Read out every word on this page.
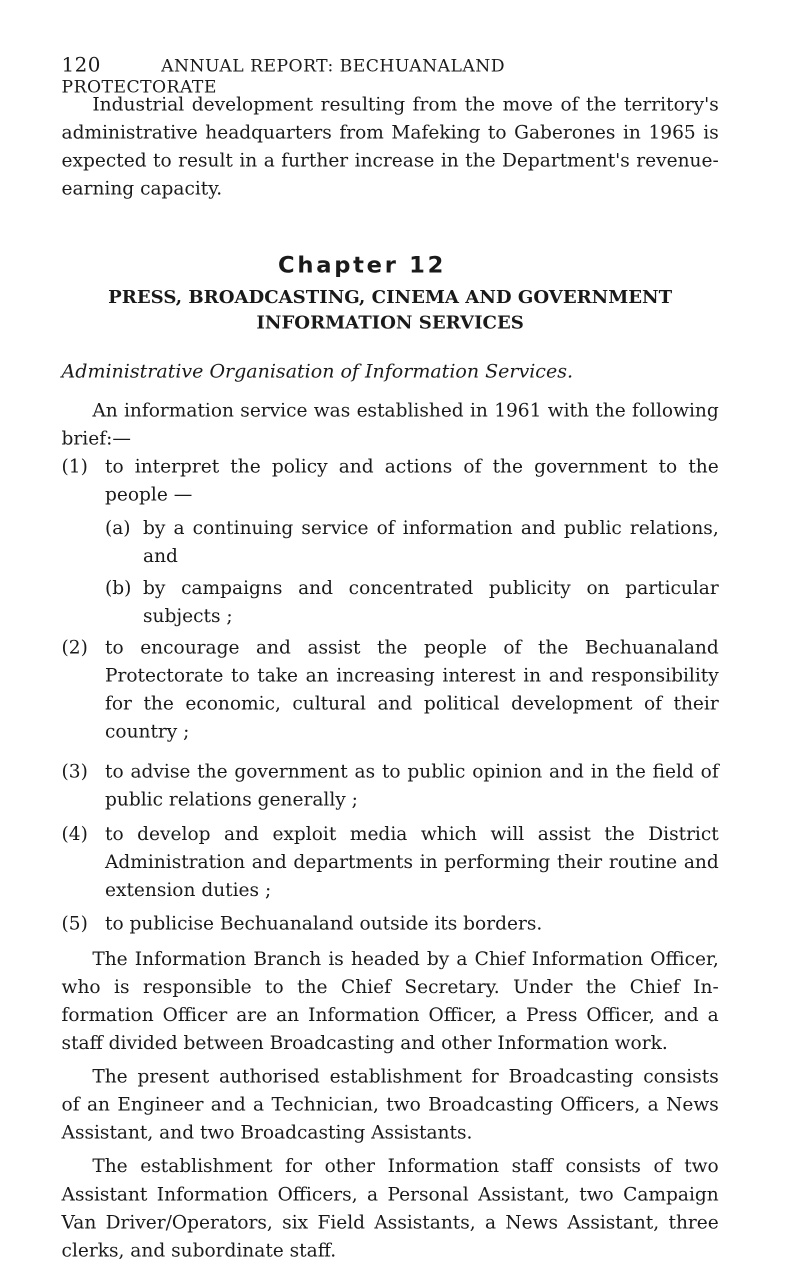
120	ANNUAL REPORT: BECHUANALAND PROTECTORATE
Industrial development resulting from the move of the territory's administrative headquarters from Mafeking to Gaberones in 1965 is expected to result in a further increase in the Department's revenue-earning capacity.
Chapter 12
PRESS, BROADCASTING, CINEMA AND GOVERNMENT
INFORMATION SERVICES
Administrative Organisation of Information Services.
An information service was established in 1961 with the following brief:—
(1) to interpret the policy and actions of the government to the people —
(a) by a continuing service of information and public relations, and
(b) by campaigns and concentrated publicity on particular subjects ;
(2) to encourage and assist the people of the Bechuanaland Protectorate to take an increasing interest in and responsibility for the economic, cultural and political development of their country ;
(3) to advise the government as to public opinion and in the field of public relations generally ;
(4) to develop and exploit media which will assist the District Administration and departments in performing their routine and extension duties ;
(5) to publicise Bechuanaland outside its borders.
The Information Branch is headed by a Chief Information Officer, who is responsible to the Chief Secretary. Under the Chief Information Officer are an Information Officer, a Press Officer, and a staff divided between Broadcasting and other Information work.
The present authorised establishment for Broadcasting consists of an Engineer and a Technician, two Broadcasting Officers, a News Assistant, and two Broadcasting Assistants.
The establishment for other Information staff consists of two Assistant Information Officers, a Personal Assistant, two Campaign Van Driver/Operators, six Field Assistants, a News Assistant, three clerks, and subordinate staff.
